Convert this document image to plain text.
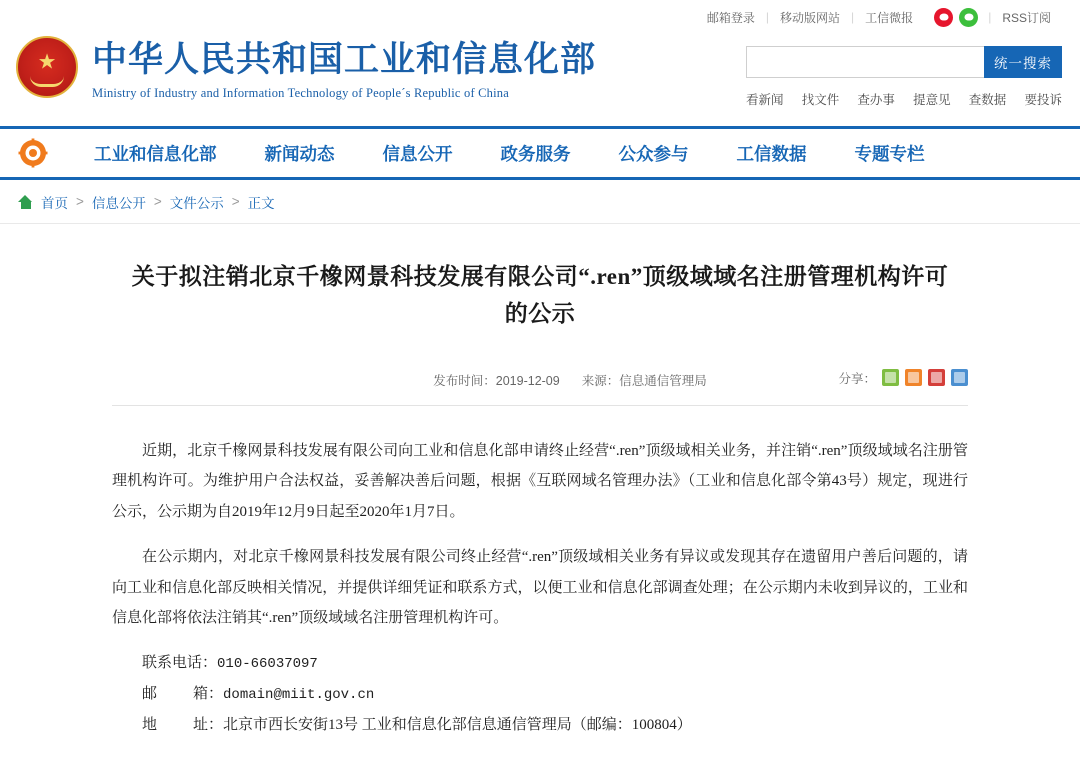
邮箱登录 | 移动版网站 | 工信微报	| RSS订阅
★
中华人民共和国工业和信息化部
Ministry of Industry and Information Technology of People´s Republic of China
统一搜索
看新闻 找文件 查办事 提意见 查数据 要投诉
工业和信息化部	新闻动态	信息公开	政务服务	公众参与	工信数据	专题专栏
首页 > 信息公开 > 文件公示 > 正文
关于拟注销北京千橡网景科技发展有限公司“.ren”顶级域域名注册管理机构许可的公示
发布时间：2019-12-09 来源：信息通信管理局	分享：

近期，北京千橡网景科技发展有限公司向工业和信息化部申请终止经营“.ren”顶级域相关业务，并注销“.ren”顶级域域名注册管理机构许可。为维护用户合法权益，妥善解决善后问题，根据《互联网域名管理办法》（工业和信息化部令第43号）规定，现进行公示，公示期为自2019年12月9日起至2020年1月7日。

在公示期内，对北京千橡网景科技发展有限公司终止经营“.ren”顶级域相关业务有异议或发现其存在遗留用户善后问题的，请向工业和信息化部反映相关情况，并提供详细凭证和联系方式，以便工业和信息化部调查处理；在公示期内未收到异议的，工业和信息化部将依法注销其“.ren”顶级域域名注册管理机构许可。

联系电话：010-66037097

邮箱：domain@miit.gov.cn

地址：北京市西长安街13号 工业和信息化部信息通信管理局（邮编：100804）
